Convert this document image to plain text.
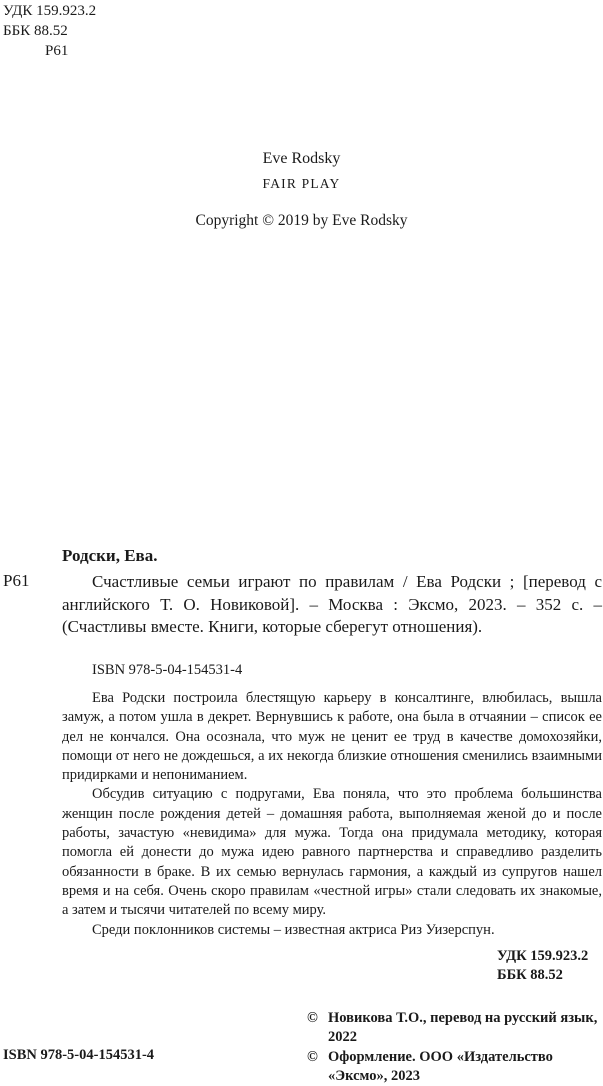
УДК 159.923.2
ББК 88.52
Р61
Eve Rodsky
FAIR PLAY
Copyright © 2019 by Eve Rodsky
Родски, Ева.
Р61	Счастливые семьи играют по правилам / Ева Родски ; [перевод с английского Т. О. Новиковой]. – Москва : Эксмо, 2023. – 352 с. – (Счастливы вместе. Книги, которые сберегут отношения).
ISBN 978-5-04-154531-4

Ева Родски построила блестящую карьеру в консалтинге, влюбилась, вышла замуж, а потом ушла в декрет. Вернувшись к работе, она была в отчаянии – список ее дел не кончался. Она осознала, что муж не ценит ее труд в качестве домохозяйки, помощи от него не дождешься, а их некогда близкие отношения сменились взаимными придирками и непониманием.

Обсудив ситуацию с подругами, Ева поняла, что это проблема большинства женщин после рождения детей – домашняя работа, выполняемая женой до и после работы, зачастую «невидима» для мужа. Тогда она придумала методику, которая помогла ей донести до мужа идею равного партнерства и справедливо разделить обязанности в браке. В их семью вернулась гармония, а каждый из супругов нашел время и на себя. Очень скоро правилам «честной игры» стали следовать их знакомые, а затем и тысячи читателей по всему миру.

Среди поклонников системы – известная актриса Риз Уизерспун.

УДК 159.923.2
ББК 88.52
© Новикова Т.О., перевод на русский язык, 2022
© Оформление. ООО «Издательство «Эксмо», 2023
ISBN 978-5-04-154531-4
